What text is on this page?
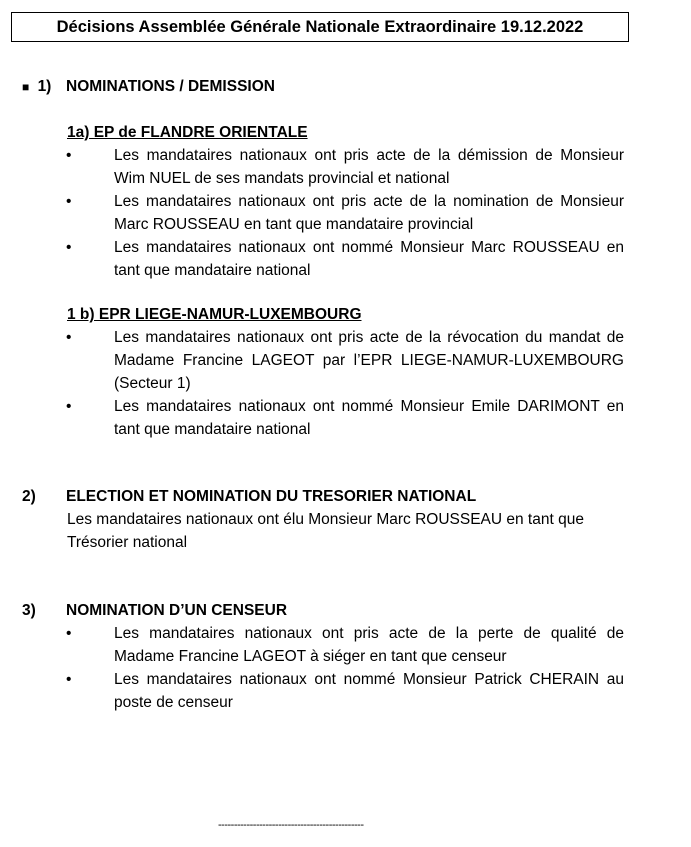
Décisions Assemblée Générale Nationale Extraordinaire 19.12.2022
■ 1) NOMINATIONS / DEMISSION
1a) EP de FLANDRE ORIENTALE
•	Les mandataires nationaux ont pris acte de la démission de Monsieur Wim NUEL de ses mandats provincial et national
•	Les mandataires nationaux ont pris acte de la nomination de Monsieur Marc ROUSSEAU en tant que mandataire provincial
•	Les mandataires nationaux ont nommé Monsieur Marc ROUSSEAU en tant que mandataire national
1 b) EPR LIEGE-NAMUR-LUXEMBOURG
•	Les mandataires nationaux ont pris acte de la révocation du mandat de Madame Francine LAGEOT par l’EPR LIEGE-NAMUR-LUXEMBOURG (Secteur 1)
•	Les mandataires nationaux ont nommé Monsieur Emile DARIMONT en tant que mandataire national
2)	ELECTION ET NOMINATION DU TRESORIER NATIONAL
Les mandataires nationaux ont élu Monsieur Marc ROUSSEAU en tant que Trésorier national
3)	NOMINATION D’UN CENSEUR
•	Les mandataires nationaux ont pris acte de la perte de qualité de Madame Francine LAGEOT à siéger en tant que censeur
•	Les mandataires nationaux ont nommé Monsieur Patrick CHERAIN au poste de censeur
----------------------------------------------
